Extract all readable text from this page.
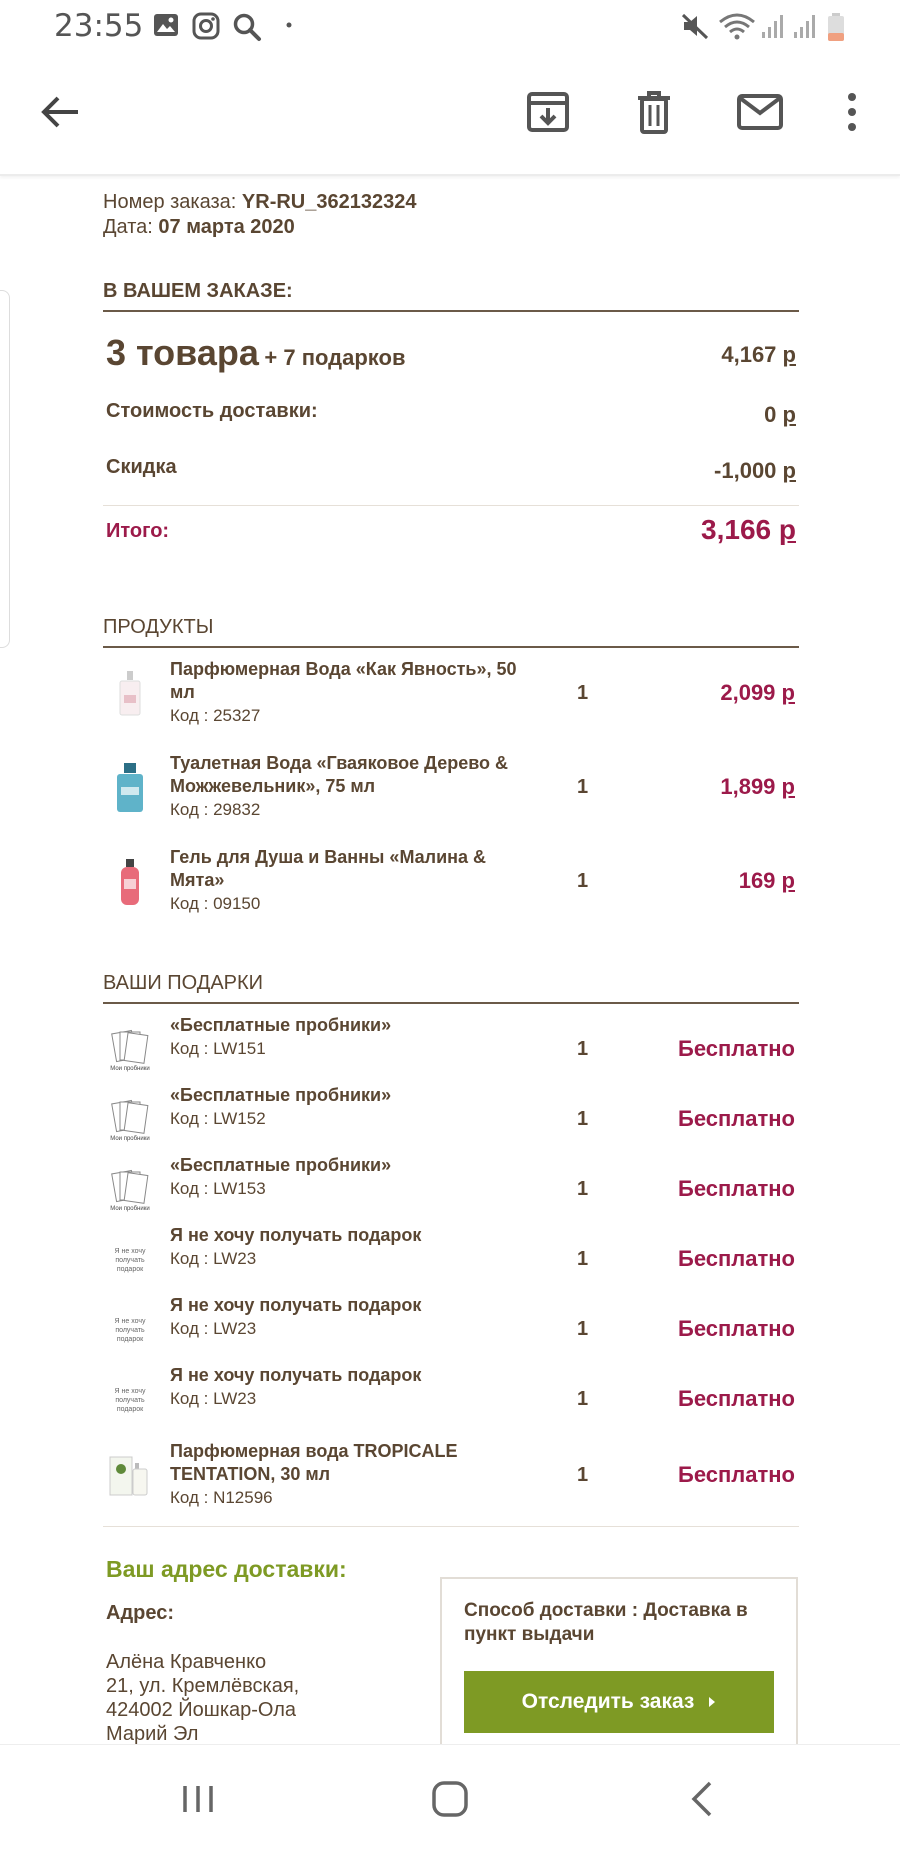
23:55
Номер заказа: YR-RU_362132324
Дата: 07 марта 2020
В ВАШЕМ ЗАКАЗЕ:
3 товара + 7 подарков	4,167 р
Стоимость доставки:	0 р
Скидка	-1,000 р
Итого:	3,166 р
ПРОДУКТЫ
Парфюмерная Вода «Как Явность», 50 мл
Код : 25327
1	2,099 р
Туалетная Вода «Гваяковое Дерево & Можжевельник», 75 мл
Код : 29832
1	1,899 р
Гель для Душа и Ванны «Малина & Мята»
Код : 09150
1	169 р
ВАШИ ПОДАРКИ
Мои пробники
«Бесплатные пробники»
Код : LW151	1	Бесплатно
Мои пробники
«Бесплатные пробники»
Код : LW152	1	Бесплатно
Мои пробники
«Бесплатные пробники»
Код : LW153	1	Бесплатно
Я не хочу получать подарок
Я не хочу получать подарок
Код : LW23	1	Бесплатно
Я не хочу получать подарок
Я не хочу получать подарок
Код : LW23	1	Бесплатно
Я не хочу получать подарок
Я не хочу получать подарок
Код : LW23	1	Бесплатно
Парфюмерная вода TROPICALE TENTATION, 30 мл
Код : N12596
1	Бесплатно
Ваш адрес доставки:
Адрес:
Алёна Кравченко
21, ул. Кремлёвская,
424002 Йошкар-Ола
Марий Эл
Способ доставки : Доставка в пункт выдачи
Отследить заказ
